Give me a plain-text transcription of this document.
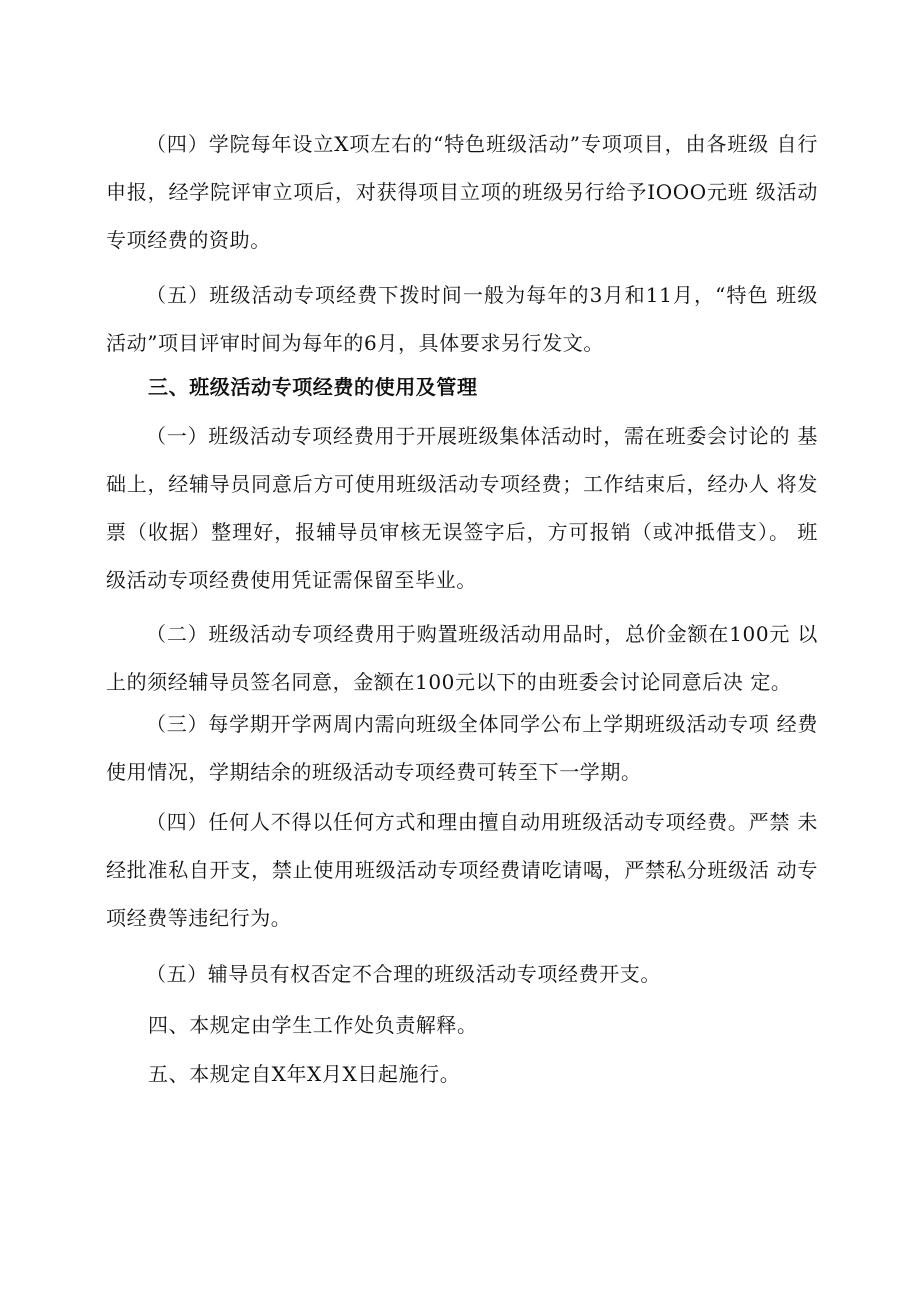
（四）学院每年设立X项左右的“特色班级活动”专项项目，由各班级 自行申报，经学院评审立项后，对获得项目立项的班级另行给予IOOO元班 级活动专项经费的资助。

（五）班级活动专项经费下拨时间一般为每年的3月和11月，“特色 班级活动”项目评审时间为每年的6月，具体要求另行发文。

三、班级活动专项经费的使用及管理

（一）班级活动专项经费用于开展班级集体活动时，需在班委会讨论的 基础上，经辅导员同意后方可使用班级活动专项经费；工作结束后，经办人 将发票（收据）整理好，报辅导员审核无误签字后，方可报销（或冲抵借支）。 班级活动专项经费使用凭证需保留至毕业。

（二）班级活动专项经费用于购置班级活动用品时，总价金额在100元 以上的须经辅导员签名同意，金额在100元以下的由班委会讨论同意后决 定。

（三）每学期开学两周内需向班级全体同学公布上学期班级活动专项 经费使用情况，学期结余的班级活动专项经费可转至下一学期。

（四）任何人不得以任何方式和理由擅自动用班级活动专项经费。严禁 未经批准私自开支，禁止使用班级活动专项经费请吃请喝，严禁私分班级活 动专项经费等违纪行为。

（五）辅导员有权否定不合理的班级活动专项经费开支。

四、本规定由学生工作处负责解释。

五、本规定自X年X月X日起施行。
